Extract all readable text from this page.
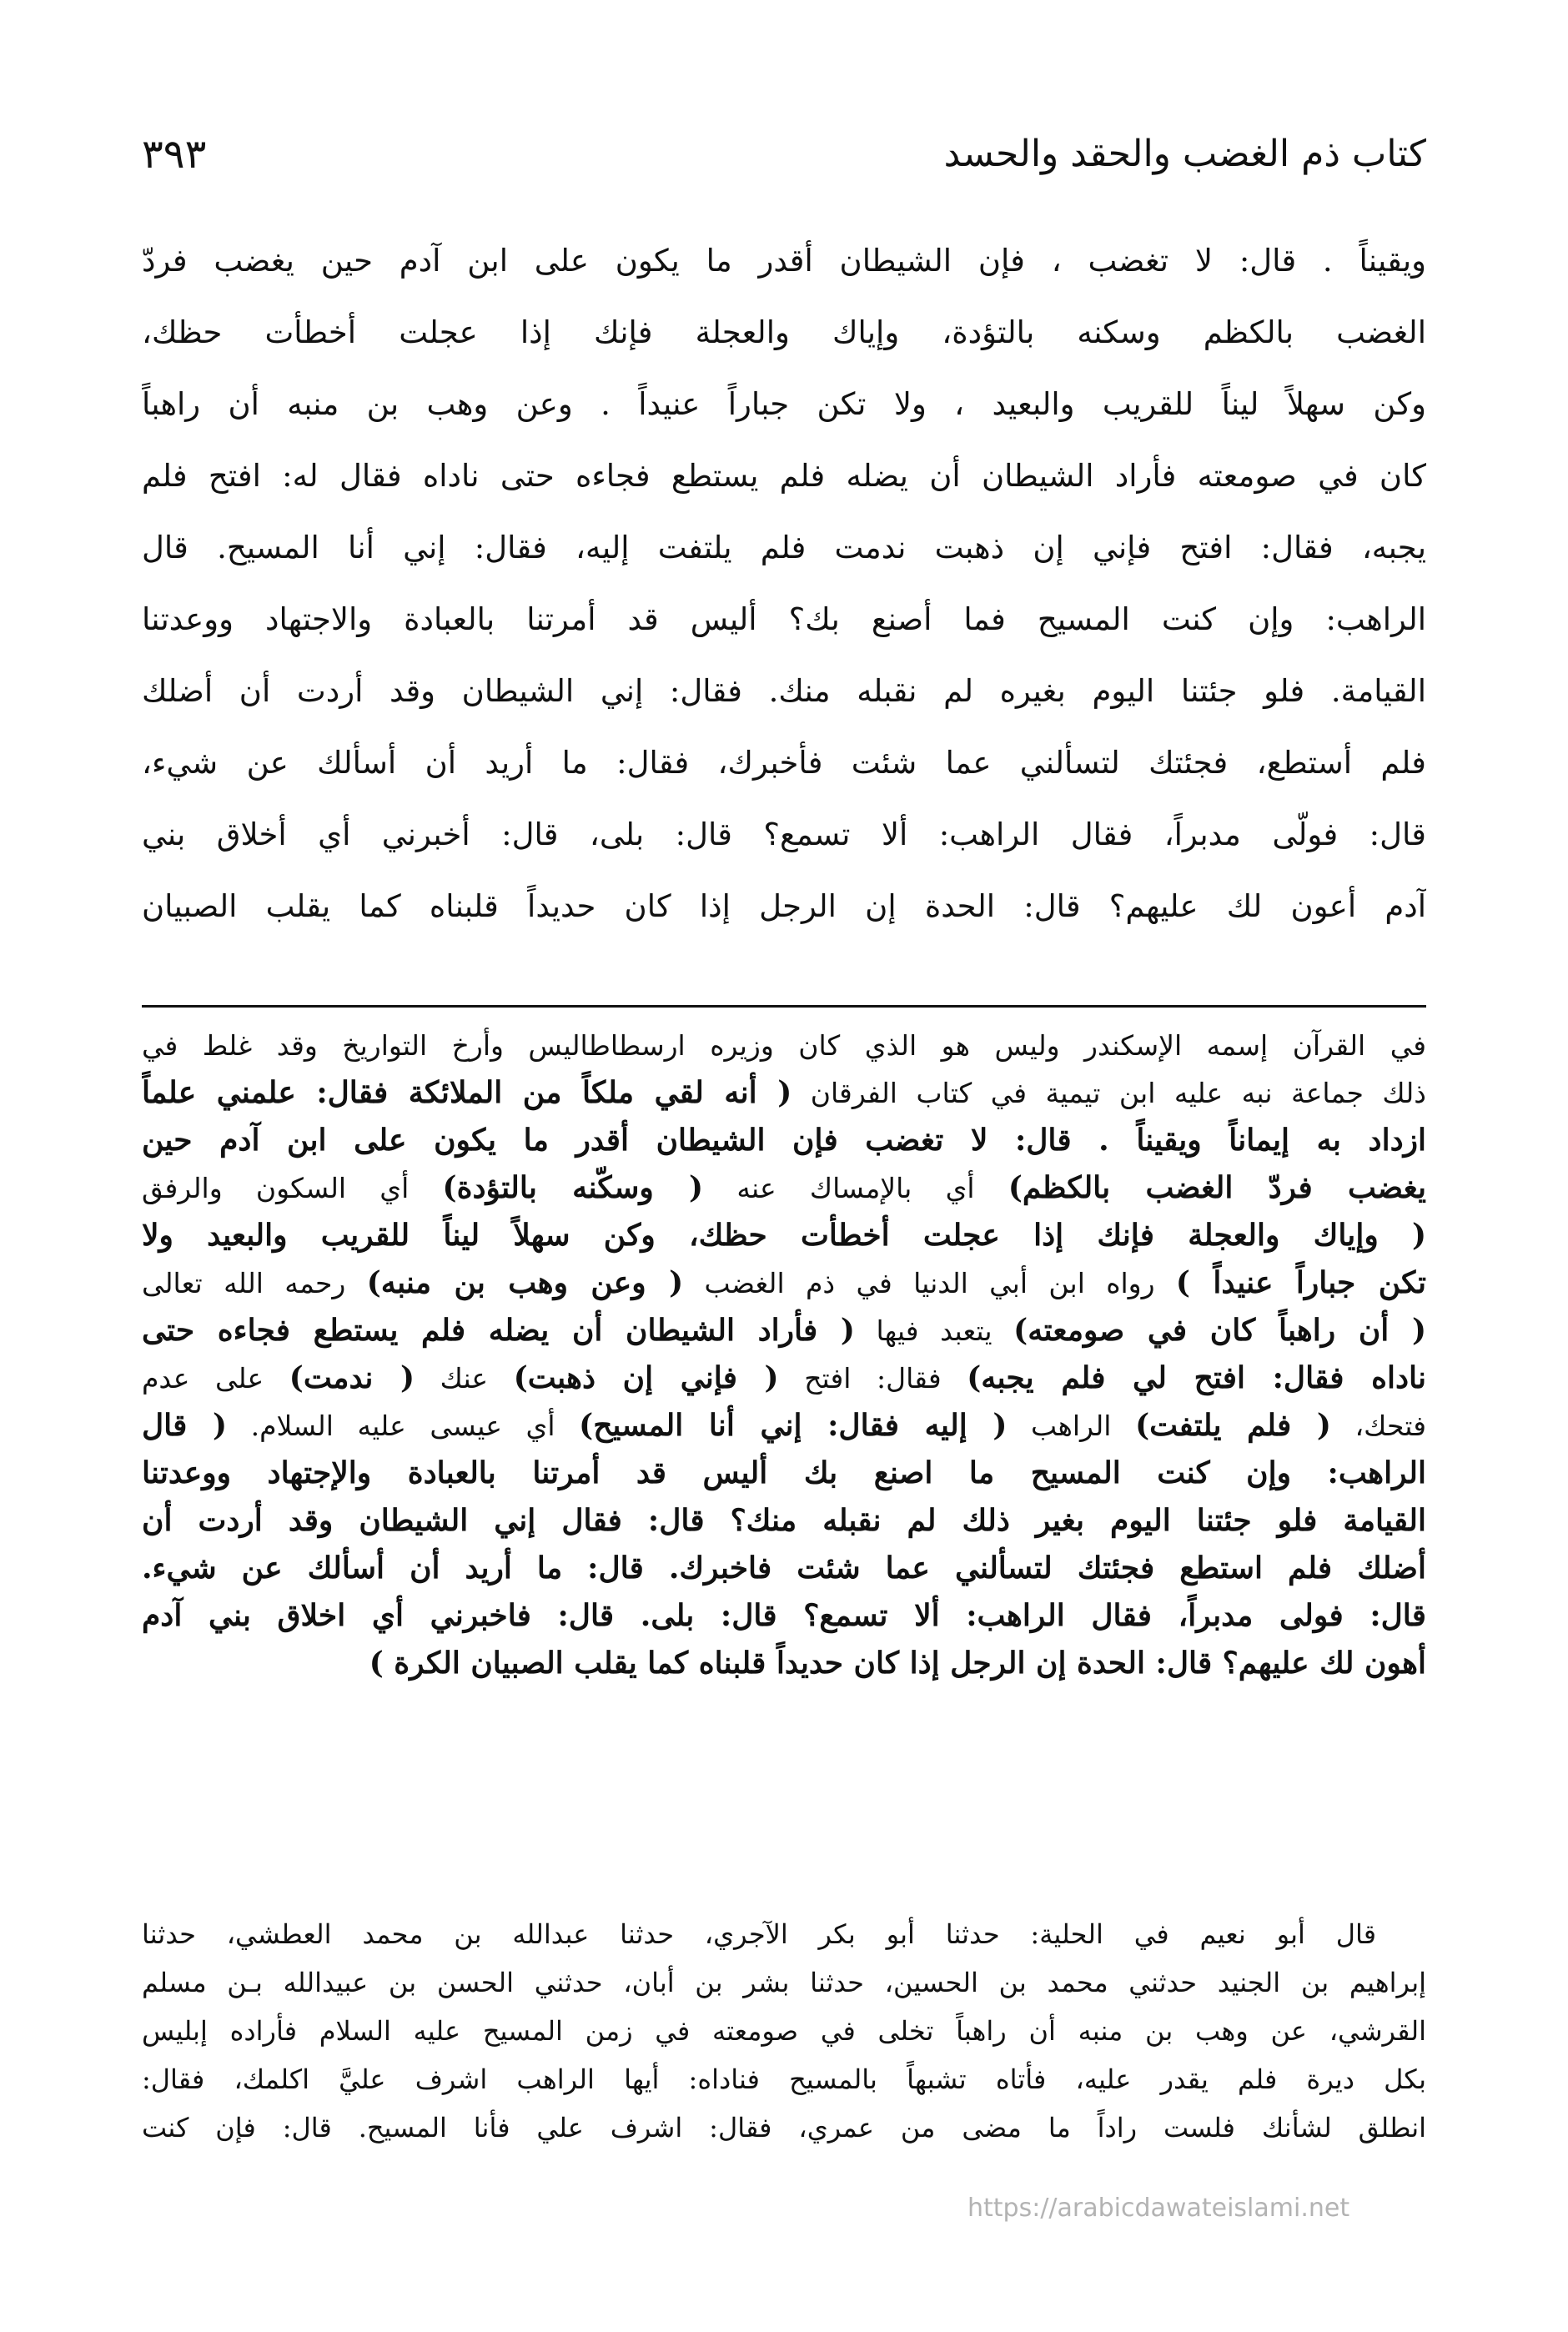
كتاب ذم الغضب والحقد والحسد
٣٩٣
ويقيناً . قال: لا تغضب ، فإن الشيطان أقدر ما يكون على ابن آدم حين يغضب فردّ
الغضب بالكظم وسكنه بالتؤدة، وإياك والعجلة فإنك إذا عجلت أخطأت حظك،
وكن سهلاً ليناً للقريب والبعيد ، ولا تكن جباراً عنيداً . وعن وهب بن منبه أن راهباً
كان في صومعته فأراد الشيطان أن يضله فلم يستطع فجاءه حتى ناداه فقال له: افتح فلم
يجبه، فقال: افتح فإني إن ذهبت ندمت فلم يلتفت إليه، فقال: إني أنا المسيح. قال
الراهب: وإن كنت المسيح فما أصنع بك؟ أليس قد أمرتنا بالعبادة والاجتهاد ووعدتنا
القيامة. فلو جئتنا اليوم بغيره لم نقبله منك. فقال: إني الشيطان وقد أردت أن أضلك
فلم أستطع، فجئتك لتسألني عما شئت فأخبرك، فقال: ما أريد أن أسألك عن شيء،
قال: فولّى مدبراً، فقال الراهب: ألا تسمع؟ قال: بلى، قال: أخبرني أي أخلاق بني
آدم أعون لك عليهم؟ قال: الحدة إن الرجل إذا كان حديداً قلبناه كما يقلب الصبيان
في القرآن إسمه الإسكندر وليس هو الذي كان وزيره ارسطاطاليس وأرخ التواريخ وقد غلط في
ذلك جماعة نبه عليه ابن تيمية في كتاب الفرقان ( أنه لقي ملكاً من الملائكة فقال: علمني علماً
ازداد به إيماناً ويقيناً . قال: لا تغضب فإن الشيطان أقدر ما يكون على ابن آدم حين
يغضب فردّ الغضب بالكظم) أي بالإمساك عنه ( وسكّنه بالتؤدة) أي السكون والرفق
( وإياك والعجلة فإنك إذا عجلت أخطأت حظك، وكن سهلاً ليناً للقريب والبعيد ولا
تكن جباراً عنيداً ) رواه ابن أبي الدنيا في ذم الغضب ( وعن وهب بن منبه) رحمه الله تعالى
( أن راهباً كان في صومعته) يتعبد فيها ( فأراد الشيطان أن يضله فلم يستطع فجاءه حتى
ناداه فقال: افتح لي فلم يجبه) فقال: افتح ( فإني إن ذهبت) عنك ( ندمت) على عدم
فتحك، ( فلم يلتفت) الراهب ( إليه فقال: إني أنا المسيح) أي عيسى عليه السلام. ( قال
الراهب: وإن كنت المسيح ما اصنع بك أليس قد أمرتنا بالعبادة والإجتهاد ووعدتنا
القيامة فلو جئتنا اليوم بغير ذلك لم نقبله منك؟ قال: فقال إني الشيطان وقد أردت أن
أضلك فلم استطع فجئتك لتسألني عما شئت فاخبرك. قال: ما أريد أن أسألك عن شيء.
قال: فولى مدبراً، فقال الراهب: ألا تسمع؟ قال: بلى. قال: فاخبرني أي اخلاق بني آدم
أهون لك عليهم؟ قال: الحدة إن الرجل إذا كان حديداً قلبناه كما يقلب الصبيان الكرة )
قال أبو نعيم في الحلية: حدثنا أبو بكر الآجري، حدثنا عبدالله بن محمد العطشي، حدثنا
إبراهيم بن الجنيد حدثني محمد بن الحسين، حدثنا بشر بن أبان، حدثني الحسن بن عبيدالله بـن مسلم
القرشي، عن وهب بن منبه أن راهباً تخلى في صومعته في زمن المسيح عليه السلام فأراده إبليس
بكل ديرة فلم يقدر عليه، فأتاه تشبهاً بالمسيح فناداه: أيها الراهب اشرف عليَّ اكلمك، فقال:
انطلق لشأنك فلست راداً ما مضى من عمري، فقال: اشرف علي فأنا المسيح. قال: فإن كنت
https://arabicdawateislami.net
